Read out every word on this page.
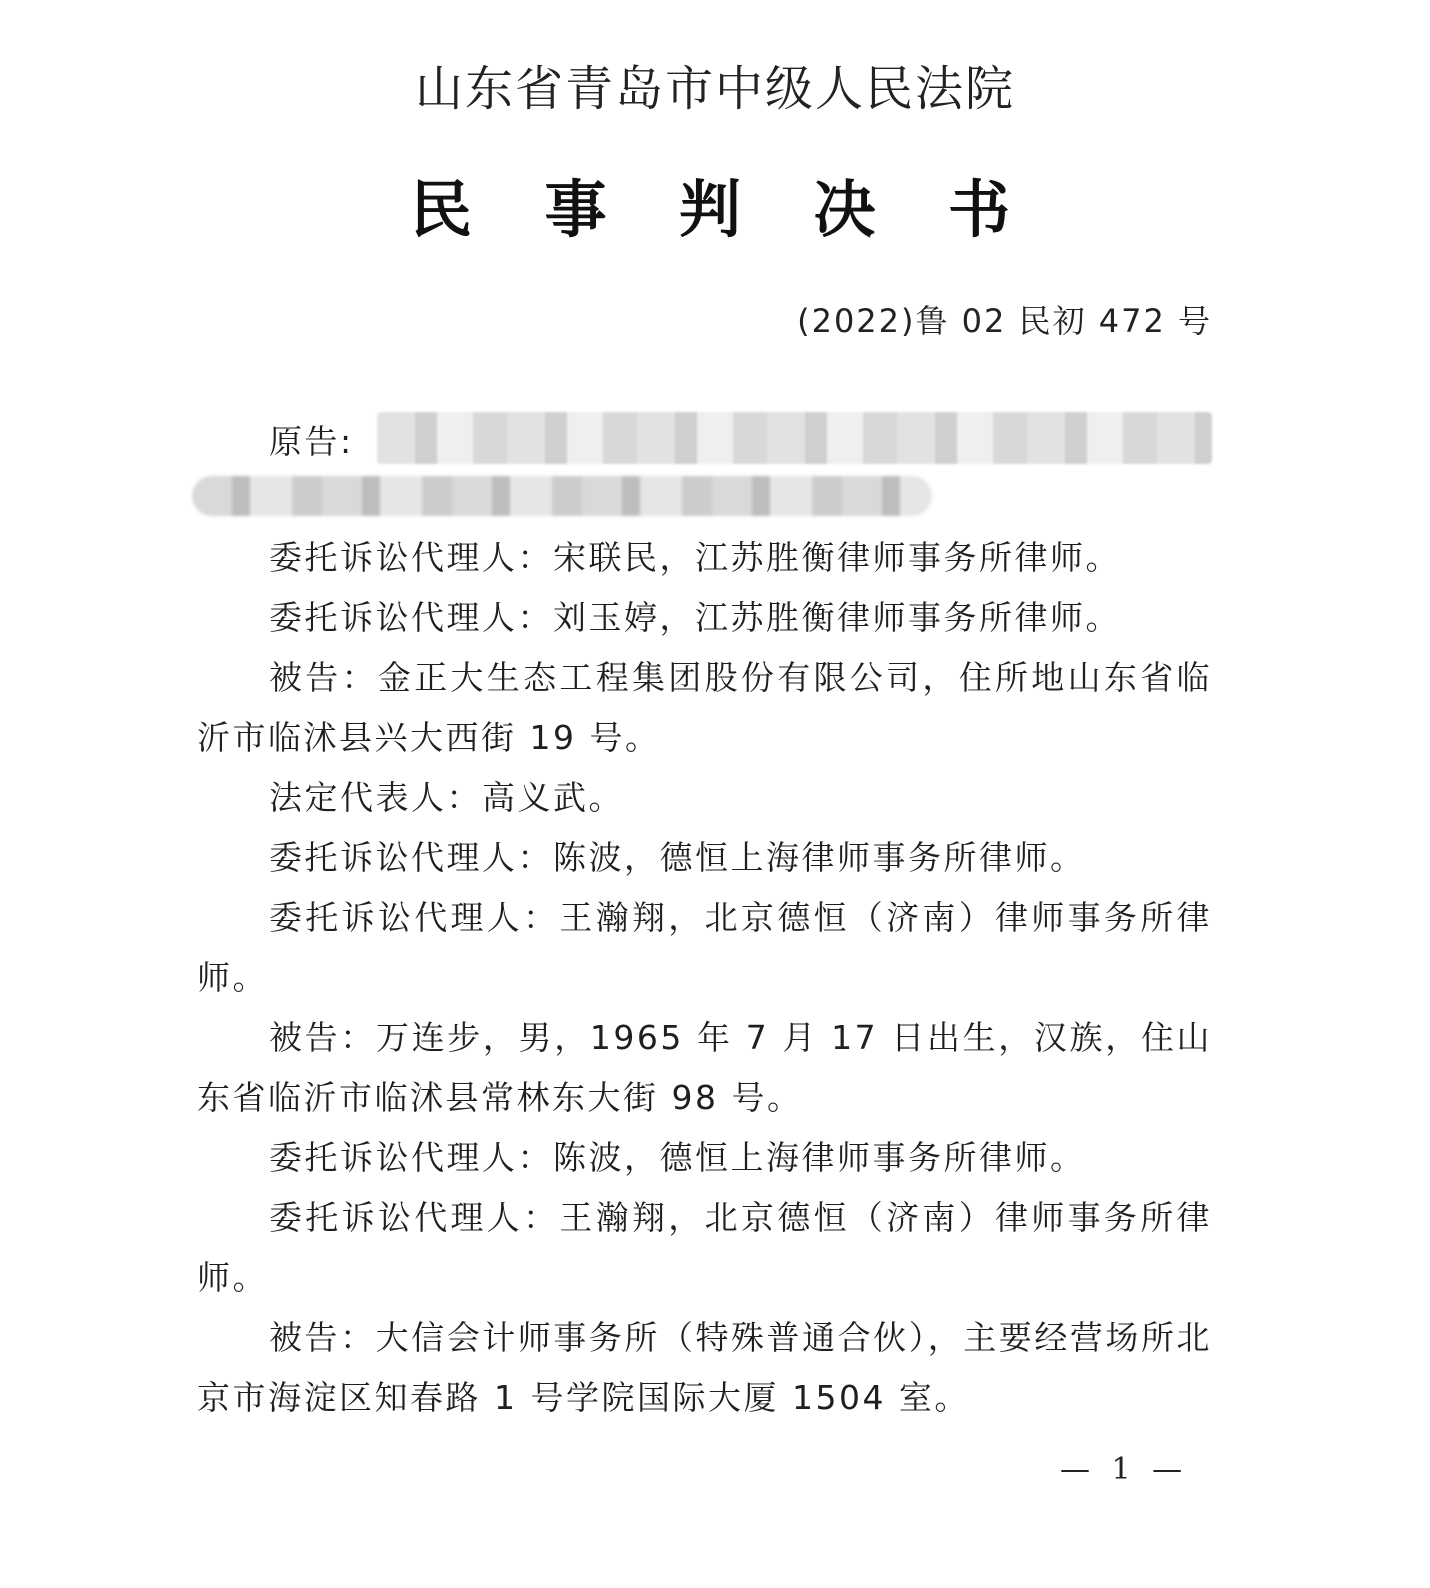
山东省青岛市中级人民法院
民 事 判 决 书
(2022)鲁 02 民初 472 号
原告:

委托诉讼代理人：宋联民，江苏胜衡律师事务所律师。

委托诉讼代理人：刘玉婷，江苏胜衡律师事务所律师。

被告：金正大生态工程集团股份有限公司，住所地山东省临沂市临沭县兴大西街 19 号。

法定代表人：高义武。

委托诉讼代理人：陈波，德恒上海律师事务所律师。

委托诉讼代理人：王瀚翔，北京德恒（济南）律师事务所律师。

被告：万连步，男，1965 年 7 月 17 日出生，汉族，住山东省临沂市临沭县常林东大街 98 号。

委托诉讼代理人：陈波，德恒上海律师事务所律师。

委托诉讼代理人：王瀚翔，北京德恒（济南）律师事务所律师。

被告：大信会计师事务所（特殊普通合伙），主要经营场所北京市海淀区知春路 1 号学院国际大厦 1504 室。

— 1 —
